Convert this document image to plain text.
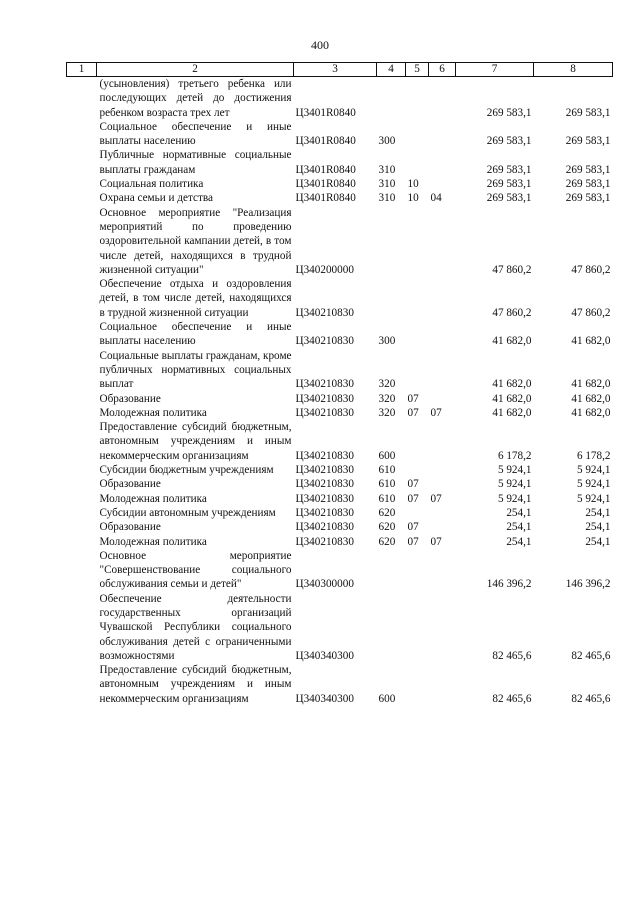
400
1	2	3	4	5	6	7	8
	(усыновления) третьего ребенка или последующих детей до достижения ребенком возраста трех лет	Ц3401R0840				269 583,1	269 583,1
	Социальное обеспечение и иные выплаты населению	Ц3401R0840	300			269 583,1	269 583,1
	Публичные нормативные социальные выплаты гражданам	Ц3401R0840	310			269 583,1	269 583,1
	Социальная политика	Ц3401R0840	310	10		269 583,1	269 583,1
	Охрана семьи и детства	Ц3401R0840	310	10	04	269 583,1	269 583,1
	Основное мероприятие "Реализация мероприятий по проведению оздоровительной кампании детей, в том числе детей, находящихся в трудной жизненной ситуации"	Ц340200000				47 860,2	47 860,2
	Обеспечение отдыха и оздоровления детей, в том числе детей, находящихся в трудной жизненной ситуации	Ц340210830				47 860,2	47 860,2
	Социальное обеспечение и иные выплаты населению	Ц340210830	300			41 682,0	41 682,0
	Социальные выплаты гражданам, кроме публичных нормативных социальных выплат	Ц340210830	320			41 682,0	41 682,0
	Образование	Ц340210830	320	07		41 682,0	41 682,0
	Молодежная политика	Ц340210830	320	07	07	41 682,0	41 682,0
	Предоставление субсидий бюджетным, автономным учреждениям и иным некоммерческим организациям	Ц340210830	600			6 178,2	6 178,2
	Субсидии бюджетным учреждениям	Ц340210830	610			5 924,1	5 924,1
	Образование	Ц340210830	610	07		5 924,1	5 924,1
	Молодежная политика	Ц340210830	610	07	07	5 924,1	5 924,1
	Субсидии автономным учреждениям	Ц340210830	620			254,1	254,1
	Образование	Ц340210830	620	07		254,1	254,1
	Молодежная политика	Ц340210830	620	07	07	254,1	254,1
	Основное мероприятие "Совершенствование социального обслуживания семьи и детей"	Ц340300000				146 396,2	146 396,2
	Обеспечение деятельности государственных организаций Чувашской Республики социального обслуживания детей с ограниченными возможностями	Ц340340300				82 465,6	82 465,6
	Предоставление субсидий бюджетным, автономным учреждениям и иным некоммерческим организациям	Ц340340300	600			82 465,6	82 465,6
